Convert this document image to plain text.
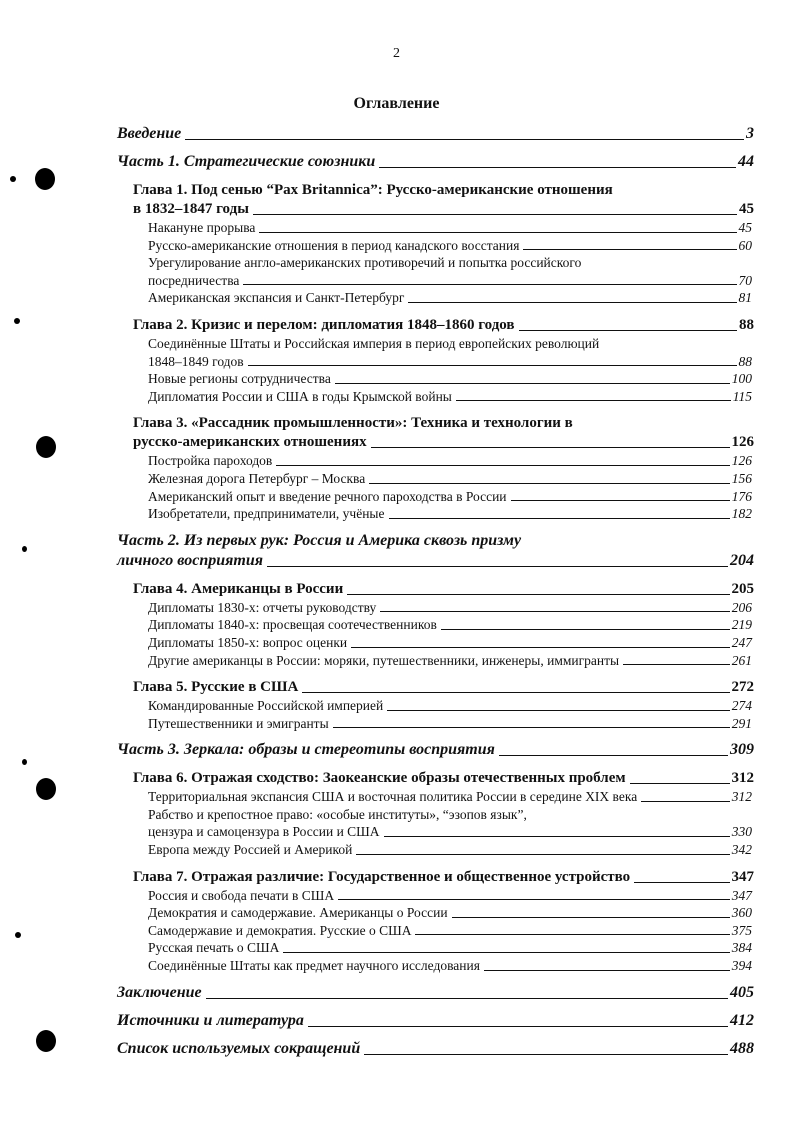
2
Оглавление
Введение	3
Часть 1. Стратегические союзники	44
Глава 1. Под сенью “Pax Britannica”: Русско-американские отношения
в 1832–1847 годы	45
Накануне прорыва	45
Русско-американские отношения в период канадского восстания	60
Урегулирование англо-американских противоречий и попытка российского
посредничества	70
Американская экспансия и Санкт-Петербург	81
Глава 2. Кризис и перелом: дипломатия 1848–1860 годов	88
Соединённые Штаты и Российская империя в период европейских революций
1848–1849 годов	88
Новые регионы сотрудничества	100
Дипломатия России и США в годы Крымской войны	115
Глава 3. «Рассадник промышленности»: Техника и технологии в
русско-американских отношениях	126
Постройка пароходов	126
Железная дорога Петербург – Москва	156
Американский опыт и введение речного пароходства в России	176
Изобретатели, предприниматели, учёные	182
Часть 2. Из первых рук: Россия и Америка сквозь призму
личного восприятия	204
Глава 4. Американцы в России	205
Дипломаты 1830-х: отчеты руководству	206
Дипломаты 1840-х: просвещая соотечественников	219
Дипломаты 1850-х: вопрос оценки	247
Другие американцы в России: моряки, путешественники, инженеры, иммигранты	261
Глава 5. Русские в США	272
Командированные Российской империей	274
Путешественники и эмигранты	291
Часть 3. Зеркала: образы и стереотипы восприятия	309
Глава 6. Отражая сходство: Заокеанские образы отечественных проблем	312
Территориальная экспансия США и восточная политика России в середине XIX века	312
Рабство и крепостное право: «особые институты», “эзопов язык”,
цензура и самоцензура в России и США	330
Европа между Россией и Америкой	342
Глава 7. Отражая различие: Государственное и общественное устройство	347
Россия и свобода печати в США	347
Демократия и самодержавие. Американцы о России	360
Самодержавие и демократия. Русские о США	375
Русская печать о США	384
Соединённые Штаты как предмет научного исследования	394
Заключение	405
Источники и литература	412
Список используемых сокращений	488
